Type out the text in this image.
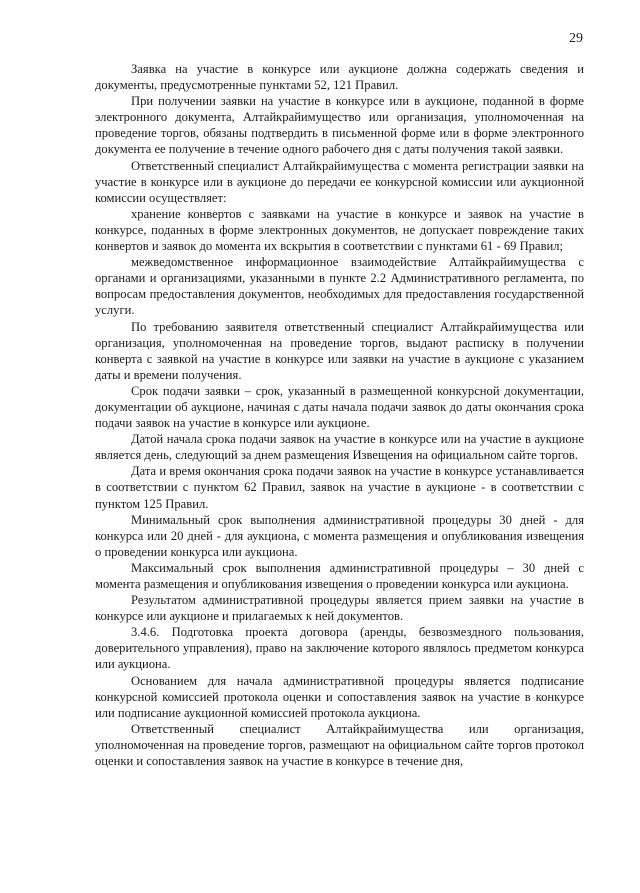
29

Заявка на участие в конкурсе или аукционе должна содержать сведения и документы, предусмотренные пунктами 52, 121 Правил.

При получении заявки на участие в конкурсе или в аукционе, поданной в форме электронного документа, Алтайкрайимущество или организация, уполномоченная на проведение торгов, обязаны подтвердить в письменной форме или в форме электронного документа ее получение в течение одного рабочего дня с даты получения такой заявки.

Ответственный специалист Алтайкрайимущества с момента регистрации заявки на участие в конкурсе или в аукционе до передачи ее конкурсной комиссии или аукционной комиссии осуществляет:

хранение конвертов с заявками на участие в конкурсе и заявок на участие в конкурсе, поданных в форме электронных документов, не допускает повреждение таких конвертов и заявок до момента их вскрытия в соответствии с пунктами 61 - 69 Правил;

межведомственное информационное взаимодействие Алтайкрайимущества с органами и организациями, указанными в пункте 2.2 Административного регламента, по вопросам предоставления документов, необходимых для предоставления государственной услуги.

По требованию заявителя ответственный специалист Алтайкрайимущества или организация, уполномоченная на проведение торгов, выдают расписку в получении конверта с заявкой на участие в конкурсе или заявки на участие в аукционе с указанием даты и времени получения.

Срок подачи заявки – срок, указанный в размещенной конкурсной документации, документации об аукционе, начиная с даты начала подачи заявок до даты окончания срока подачи заявок на участие в конкурсе или аукционе.

Датой начала срока подачи заявок на участие в конкурсе или на участие в аукционе является день, следующий за днем размещения Извещения на официальном сайте торгов.

Дата и время окончания срока подачи заявок на участие в конкурсе устанавливается в соответствии с пунктом 62 Правил, заявок на участие в аукционе - в соответствии с пунктом 125 Правил.

Минимальный срок выполнения административной процедуры 30 дней - для конкурса или 20 дней - для аукциона, с момента размещения и опубликования извещения о проведении конкурса или аукциона.

Максимальный срок выполнения административной процедуры – 30 дней с момента размещения и опубликования извещения о проведении конкурса или аукциона.

Результатом административной процедуры является прием заявки на участие в конкурсе или аукционе и прилагаемых к ней документов.

3.4.6. Подготовка проекта договора (аренды, безвозмездного пользования, доверительного управления), право на заключение которого являлось предметом конкурса или аукциона.

Основанием для начала административной процедуры является подписание конкурсной комиссией протокола оценки и сопоставления заявок на участие в конкурсе или подписание аукционной комиссией протокола аукциона.

Ответственный специалист Алтайкрайимущества или организация, уполномоченная на проведение торгов, размещают на официальном сайте торгов протокол оценки и сопоставления заявок на участие в конкурсе в течение дня,
